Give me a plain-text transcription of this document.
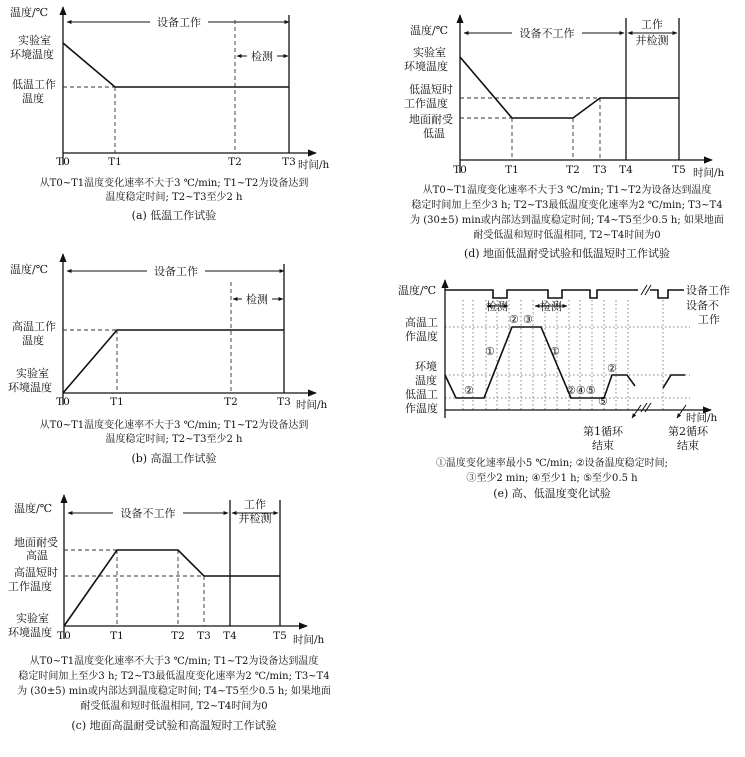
温度/℃
设备工作
检测
实验室
环境温度
低温工作
温度
T0	T1	T2	T3 时间/h
从T0~T1温度变化速率不大于3 ℃/min; T1~T2为设备达到
温度稳定时间; T2~T3至少2 h
(a) 低温工作试验
温度/℃	设备工作
检测
高温工作
温度
实验室
环境温度
T0	T1	T2	T3 时间/h
从T0~T1温度变化速率不大于3 ℃/min; T1~T2为设备达到
温度稳定时间; T2~T3至少2 h
(b) 高温工作试验
温度/℃	工作
并检测
设备不工作
地面耐受
高温
高温短时
工作温度
实验室
环境温度 T0	T1	T2 T3 T4	T5 时间/h
从T0~T1温度变化速率不大于3 ℃/min; T1~T2为设备达到温度
稳定时间加上至少3 h; T2~T3最低温度变化速率为2 ℃/min; T3~T4
为 (30±5) min或内部达到温度稳定时间; T4~T5至少0.5 h; 如果地面
耐受低温和短时低温相同, T2~T4时间为0
(c) 地面高温耐受试验和高温短时工作试验
温度/℃	工作
并检测
设备不工作
实验室
环境温度
低温短时
工作温度
地面耐受
低温
T0	T1	T2 T3 T4	T5 时间/h
从T0~T1温度变化速率不大于3 ℃/min; T1~T2为设备达到温度
稳定时间加上至少3 h; T2~T3最低温度变化速率为2 ℃/min; T3~T4
为 (30±5) min或内部达到温度稳定时间; T4~T5至少0.5 h; 如果地面
耐受低温和短时低温相同, T2~T4时间为0
(d) 地面低温耐受试验和低温短时工作试验
温度/℃
检测	检测
设备工作
设备不
工作
高温工
作温度
环境
温度
低温工
作温度
②
①
② ③
①
②④⑤
②
⑤
时间/h
第1循环
结束
第2循环
结束
①温度变化速率最小5 ℃/min; ②设备温度稳定时间;
③至少2 min; ④至少1 h; ⑤至少0.5 h
(e) 高、低温度变化试验
